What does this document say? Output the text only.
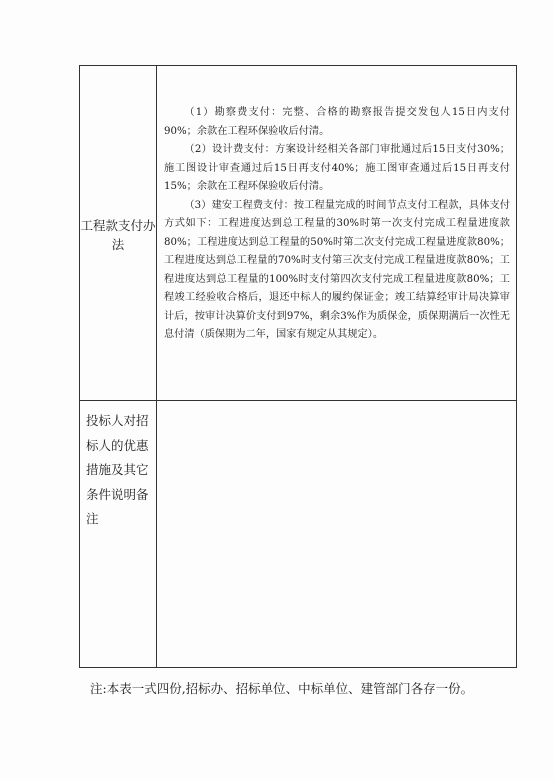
工程款支付办法

（1）勘察费支付：完整、合格的勘察报告提交发包人15日内支付90%；余款在工程环保验收后付清。

（2）设计费支付：方案设计经相关各部门审批通过后15日支付30%；施工图设计审查通过后15日再支付40%；施工图审查通过后15日再支付15%；余款在工程环保验收后付清。

（3）建安工程费支付：按工程量完成的时间节点支付工程款，具体支付方式如下：工程进度达到总工程量的30%时第一次支付完成工程量进度款80%；工程进度达到总工程量的50%时第二次支付完成工程量进度款80%；工程进度达到总工程量的70%时支付第三次支付完成工程量进度款80%；工程进度达到总工程量的100%时支付第四次支付完成工程量进度款80%；工程竣工经验收合格后，退还中标人的履约保证金；竣工结算经审计局决算审计后，按审计决算价支付到97%，剩余3%作为质保金，质保期满后一次性无息付清（质保期为二年，国家有规定从其规定）。

投标人对招标人的优惠措施及其它条件说明备注
注:本表一式四份,招标办、招标单位、中标单位、建管部门各存一份。
